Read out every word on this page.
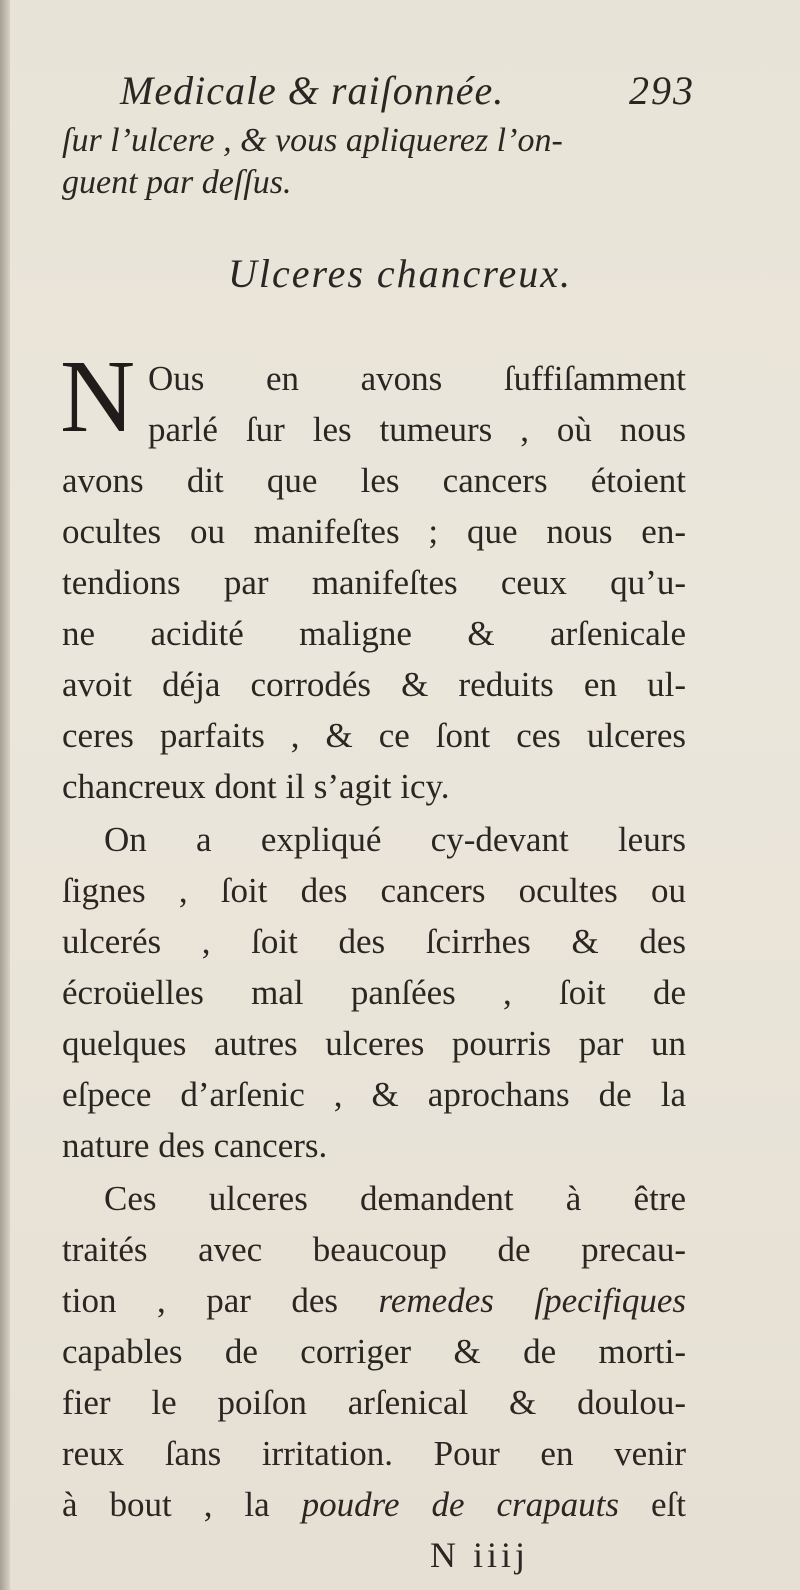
Medicale & raiſonnée.	293
ſur l’ulcere , & vous apliquerez l’on-
guent par deſſus.
Ulceres chancreux.
N Ous en avons ſuffiſamment
parlé ſur les tumeurs , où nous
avons dit que les cancers étoient
ocultes ou manifeſtes ; que nous en-
tendions par manifeſtes ceux qu’u-
ne acidité maligne & arſenicale
avoit déja corrodés & reduits en ul-
ceres parfaits , & ce ſont ces ulceres
chancreux dont il s’agit icy.
On a expliqué cy-devant leurs
ſignes , ſoit des cancers ocultes ou
ulcerés , ſoit des ſcirrhes & des
écroüelles mal panſées , ſoit de
quelques autres ulceres pourris par un
eſpece d’arſenic , & aprochans de la
nature des cancers.
Ces ulceres demandent à être
traités avec beaucoup de precau-
tion , par des remedes ſpecifiques
capables de corriger & de morti-
fier le poiſon arſenical & doulou-
reux ſans irritation. Pour en venir
à bout , la poudre de crapauts eſt
N iiij
